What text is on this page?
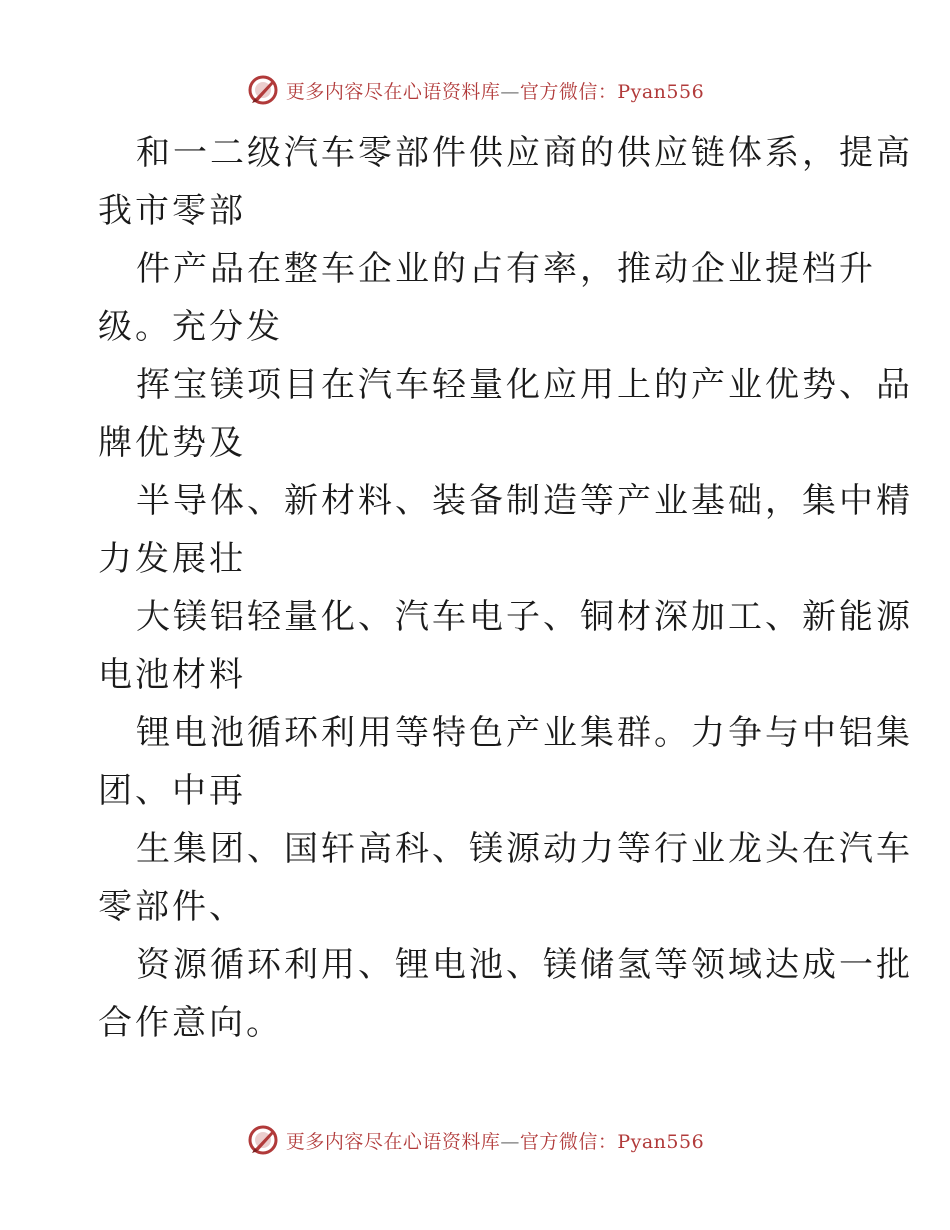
更多内容尽在心语资料库—官方微信：Pyan556

和一二级汽车零部件供应商的供应链体系，提高
我市零部

件产品在整车企业的占有率，推动企业提档升
级。充分发

挥宝镁项目在汽车轻量化应用上的产业优势、品
牌优势及

半导体、新材料、装备制造等产业基础，集中精
力发展壮

大镁铝轻量化、汽车电子、铜材深加工、新能源
电池材料

锂电池循环利用等特色产业集群。力争与中铝集
团、中再

生集团、国轩高科、镁源动力等行业龙头在汽车
零部件、

资源循环利用、锂电池、镁储氢等领域达成一批
合作意向。

更多内容尽在心语资料库—官方微信：Pyan556
